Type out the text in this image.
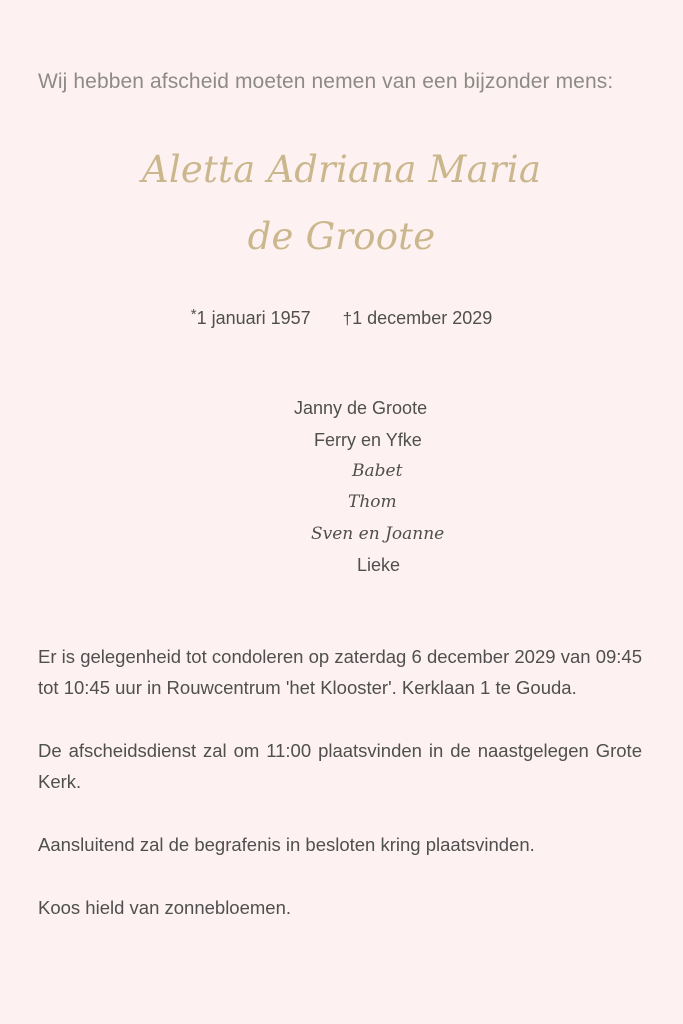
Wij hebben afscheid moeten nemen van een bijzonder mens:
Aletta Adriana Maria
de Groote
*1 januari 1957 †1 december 2029
Janny de Groote
Ferry en Yfke
Babet
Thom
Sven en Joanne
Lieke
Er is gelegenheid tot condoleren op zaterdag 6 december 2029 van 09:45 tot 10:45 uur in Rouwcentrum 'het Klooster'. Kerklaan 1 te Gouda.
De afscheidsdienst zal om 11:00 plaatsvinden in de naastgelegen Grote Kerk.
Aansluitend zal de begrafenis in besloten kring plaatsvinden.
Koos hield van zonnebloemen.
